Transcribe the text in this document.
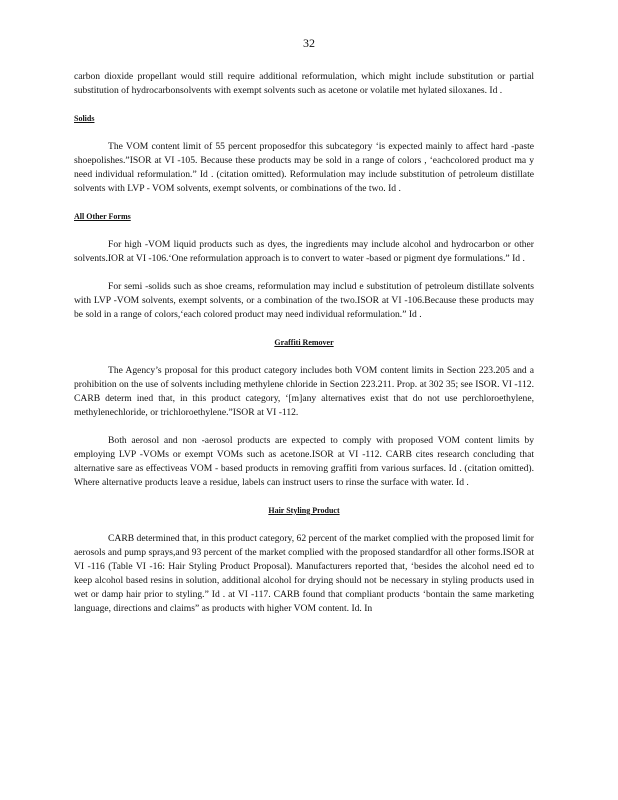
32

carbon dioxide propellant would still require additional reformulation, which might include substitution or partial substitution of hydrocarbonsolvents with exempt solvents such as acetone or volatile met hylated siloxanes. Id .

Solids

The VOM content limit of 55 percent proposedfor this subcategory ‘is expected mainly to affect hard -paste shoepolishes.”ISOR at VI -105. Because these products may be sold in a range of colors , ‘eachcolored product ma y need individual reformulation.” Id . (citation omitted). Reformulation may include substitution of petroleum distillate solvents with LVP - VOM solvents, exempt solvents, or combinations of the two. Id .

All Other Forms

For high -VOM liquid products such as dyes, the ingredients may include alcohol and hydrocarbon or other solvents.IOR at VI -106.‘One reformulation approach is to convert to water -based or pigment dye formulations.” Id .

For semi -solids such as shoe creams, reformulation may includ e substitution of petroleum distillate solvents with LVP -VOM solvents, exempt solvents, or a combination of the two.ISOR at VI -106.Because these products may be sold in a range of colors,‘each colored product may need individual reformulation.” Id .

Graffiti Remover

The Agency’s proposal for this product category includes both VOM content limits in Section 223.205 and a prohibition on the use of solvents including methylene chloride in Section 223.211. Prop. at 302 35; see ISOR. VI -112. CARB determ ined that, in this product category, ‘[m]any alternatives exist that do not use perchloroethylene, methylenechloride, or trichloroethylene.”ISOR at VI -112.

Both aerosol and non -aerosol products are expected to comply with proposed VOM content limits by employing LVP -VOMs or exempt VOMs such as acetone.ISOR at VI -112. CARB cites research concluding that alternative sare as effectiveas VOM - based products in removing graffiti from various surfaces. Id . (citation omitted). Where alternative products leave a residue, labels can instruct users to rinse the surface with water. Id .

Hair Styling Product

CARB determined that, in this product category, 62 percent of the market complied with the proposed limit for aerosols and pump sprays,and 93 percent of the market complied with the proposed standardfor all other forms.ISOR at VI -116 (Table VI -16: Hair Styling Product Proposal). Manufacturers reported that, ‘besides the alcohol need ed to keep alcohol based resins in solution, additional alcohol for drying should not be necessary in styling products used in wet or damp hair prior to styling.” Id . at VI -117. CARB found that compliant products ‘bontain the same marketing language, directions and claims” as products with higher VOM content. Id. In
